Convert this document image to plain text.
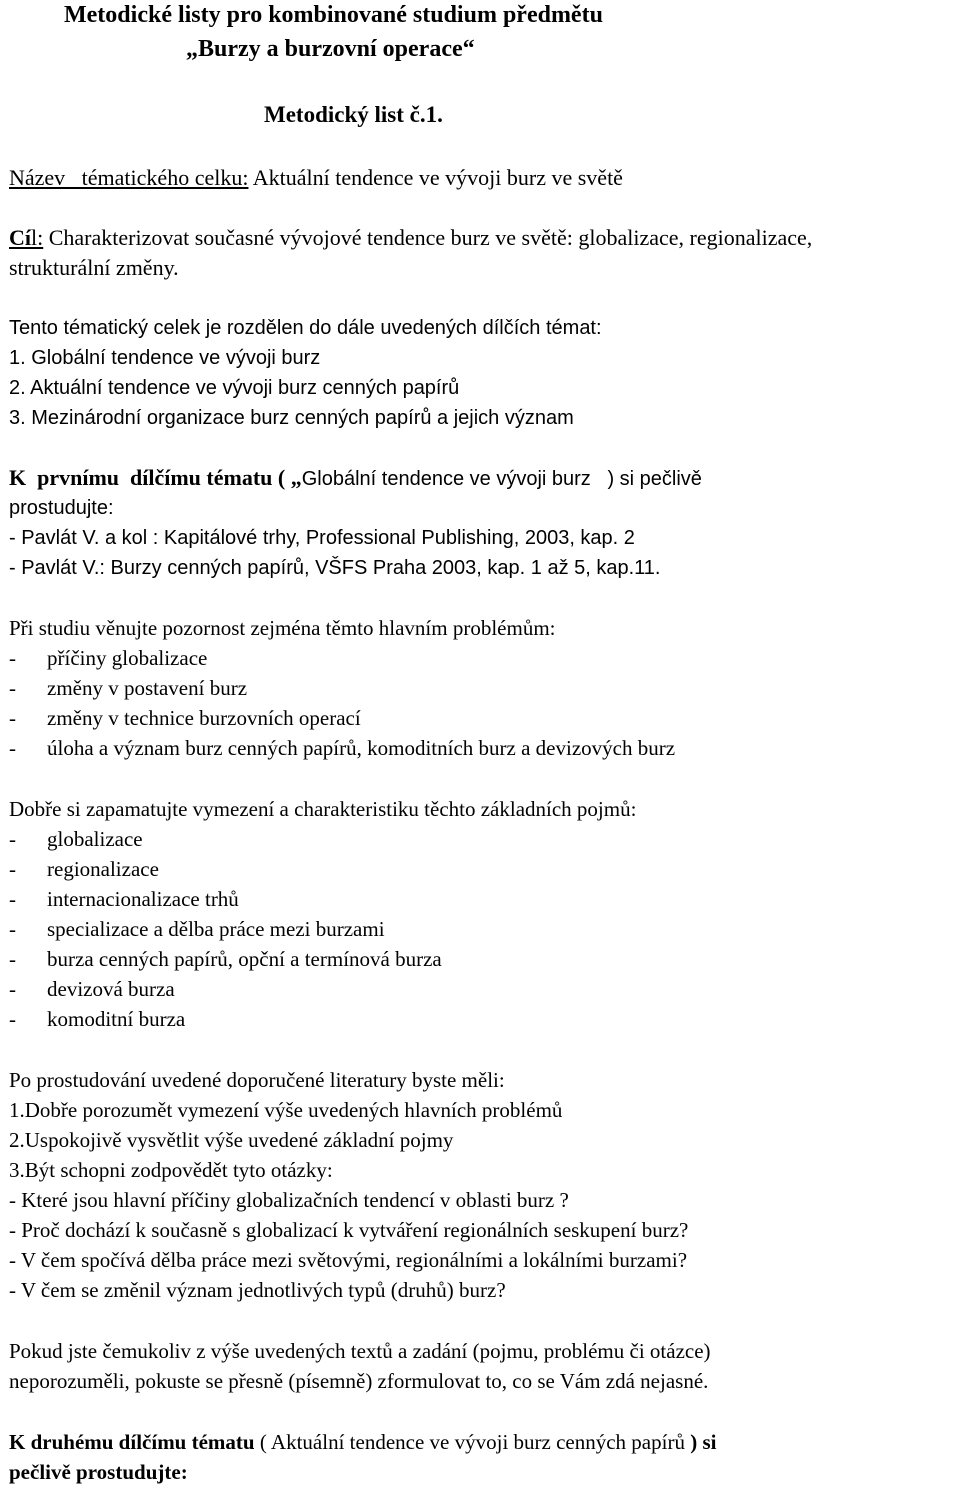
Metodické listy pro kombinované studium předmětu
„Burzy a burzovní operace“
Metodický list č.1.
Název   tématického celku: Aktuální tendence ve vývoji burz ve světě
Cíl: Charakterizovat současné vývojové tendence burz ve světě: globalizace, regionalizace,
strukturální změny.
Tento tématický celek je rozdělen do dále uvedených dílčích témat:
1. Globální tendence ve vývoji burz
2. Aktuální tendence ve vývoji burz cenných papírů
3. Mezinárodní organizace burz cenných papírů a jejich význam
K  prvnímu  dílčímu tématu ( „Globální tendence ve vývoji burz   ) si pečlivě
prostudujte:
- Pavlát V. a kol : Kapitálové trhy, Professional Publishing, 2003, kap. 2
- Pavlát V.: Burzy cenných papírů, VŠFS Praha 2003, kap. 1 až 5, kap.11.
Při studiu věnujte pozornost zejména těmto hlavním problémům:
- příčiny globalizace
- změny v postavení burz
- změny v technice burzovních operací
- úloha a význam burz cenných papírů, komoditních burz a devizových burz
Dobře si zapamatujte vymezení a charakteristiku těchto základních pojmů:
- globalizace
- regionalizace
- internacionalizace trhů
- specializace a dělba práce mezi burzami
- burza cenných papírů, opční a termínová burza
- devizová burza
- komoditní burza
Po prostudování uvedené doporučené literatury byste měli:
1.Dobře porozumět vymezení výše uvedených hlavních problémů
2.Uspokojivě vysvětlit výše uvedené základní pojmy
3.Být schopni zodpovědět tyto otázky:
- Které jsou hlavní příčiny globalizačních tendencí v oblasti burz ?
- Proč dochází k současně s globalizací k vytváření regionálních seskupení burz?
- V čem spočívá dělba práce mezi světovými, regionálními a lokálními burzami?
- V čem se změnil význam jednotlivých typů (druhů) burz?
Pokud jste čemukoliv z výše uvedených textů a zadání (pojmu, problému či otázce)
neporozuměli, pokuste se přesně (písemně) zformulovat to, co se Vám zdá nejasné.
K druhému dílčímu tématu ( Aktuální tendence ve vývoji burz cenných papírů ) si
pečlivě prostudujte:
